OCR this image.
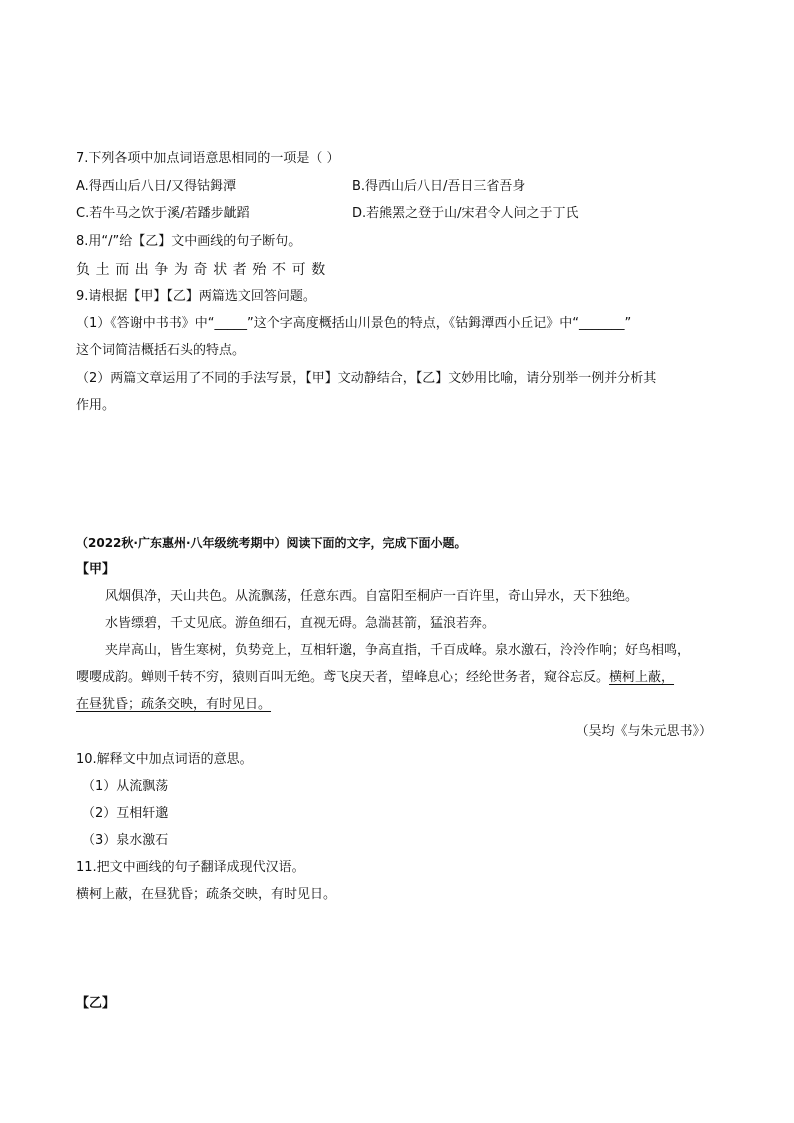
7.下列各项中加点词语意思相同的一项是（ ）
A.得西山后八日/又得钴鉧潭	B.得西山后八日/吾日三省吾身
C.若牛马之饮于溪/若蹯步龇蹈	D.若熊罴之登于山/宋君令人问之于丁氏
8.用“/”给【乙】文中画线的句子断句。
负土而出争为奇状者殆不可数
9.请根据【甲】【乙】两篇选文回答问题。
（1）《答谢中书书》中“_____”这个字高度概括山川景色的特点，《钴鉧潭西小丘记》中“_______”
这个词简洁概括石头的特点。
（2）两篇文章运用了不同的手法写景，【甲】文动静结合，【乙】文妙用比喻，请分别举一例并分析其
作用。
（2022秋·广东惠州·八年级统考期中）阅读下面的文字，完成下面小题。
【甲】
风烟俱净，天山共色。从流飘荡，任意东西。自富阳至桐庐一百许里，奇山异水，天下独绝。
水皆缥碧，千丈见底。游鱼细石，直视无碍。急湍甚箭，猛浪若奔。
夹岸高山，皆生寒树，负势竞上，互相轩邈，争高直指，千百成峰。泉水激石，泠泠作响；好鸟相鸣，
嘤嘤成韵。蝉则千转不穷，猿则百叫无绝。鸢飞戾天者，望峰息心；经纶世务者，窥谷忘反。横柯上蔽，
在昼犹昏；疏条交映，有时见日。
（吴均《与朱元思书》）
10.解释文中加点词语的意思。
（1）从流飘荡
（2）互相轩邈
（3）泉水激石
11.把文中画线的句子翻译成现代汉语。
横柯上蔽，在昼犹昏；疏条交映，有时见日。
【乙】
